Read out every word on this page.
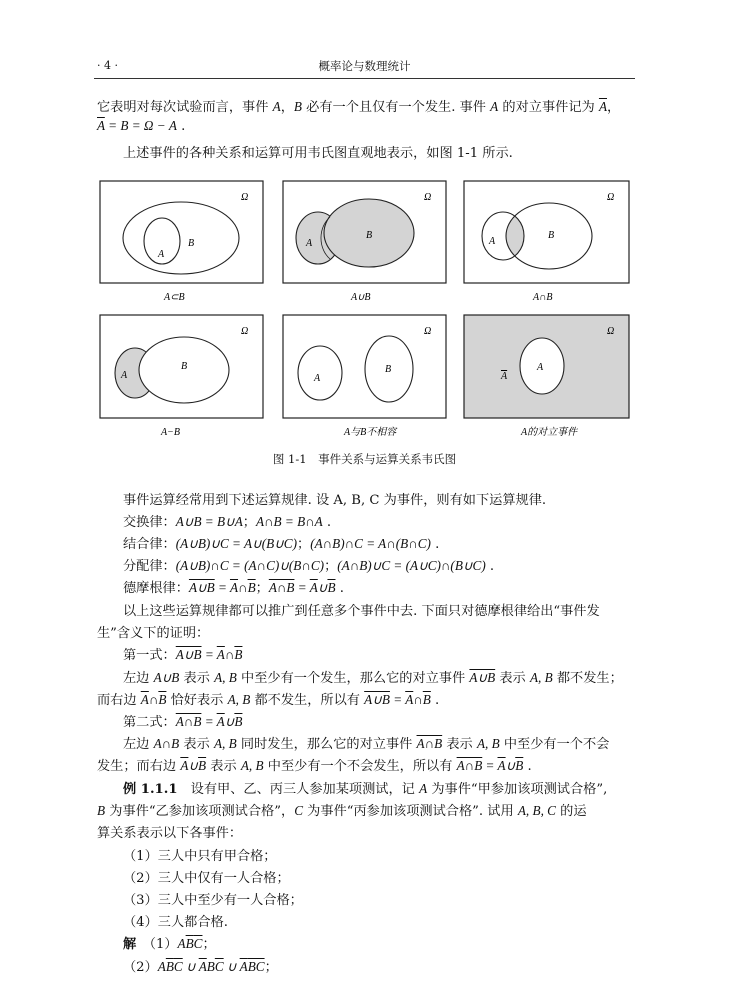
· 4 ·	概率论与数理统计
它表明对每次试验而言，事件 A，B 必有一个且仅有一个发生. 事件 A 的对立事件记为 $\overline{A}$，
$\overline{A} = B = \Omega - A$ .
上述事件的各种关系和运算可用韦氏图直观地表示，如图 1-1 所示.
Ω
A
B
A⊂B
Ω
A
B
A∪B
Ω
A
B
A∩B
Ω
A
B
A−B
Ω
A
B
A与B不相容
Ω
A
A
A的对立事件
图 1-1　事件关系与运算关系韦氏图
事件运算经常用到下述运算规律. 设 A, B, C 为事件，则有如下运算规律.
交换律：A∪B = B∪A；A∩B = B∩A .
结合律：(A∪B)∪C = A∪(B∪C)；(A∩B)∩C = A∩(B∩C) .
分配律：(A∪B)∩C = (A∩C)∪(B∩C)；(A∩B)∪C = (A∪C)∩(B∪C) .
德摩根律：A∪B = $\overline{A}\cap\overline{B}$；A∩B = $\overline{A}\cup\overline{B}$ .
以上这些运算规律都可以推广到任意多个事件中去. 下面只对德摩根律给出“事件发
生”含义下的证明：
第一式：A∪B = $\overline{A}\cap\overline{B}$
左边 A∪B 表示 A, B 中至少有一个发生，那么它的对立事件 A∪B 表示 A, B 都不发生；
而右边 $\overline{A}\cap\overline{B}$ 恰好表示 A, B 都不发生，所以有 A∪B = $\overline{A}\cap\overline{B}$ .
第二式：A∩B = $\overline{A}\cup\overline{B}$
左边 A∩B 表示 A, B 同时发生，那么它的对立事件 A∩B 表示 A, B 中至少有一个不会
发生；而右边 $\overline{A}\cup\overline{B}$ 表示 A, B 中至少有一个不会发生，所以有 A∩B = $\overline{A}\cup\overline{B}$ .
例 1.1.1　设有甲、乙、丙三人参加某项测试，记 A 为事件“甲参加该项测试合格”,
B 为事件“乙参加该项测试合格”，C 为事件“丙参加该项测试合格”. 试用 A, B, C 的运
算关系表示以下各事件：
（1）三人中只有甲合格；
（2）三人中仅有一人合格；
（3）三人中至少有一人合格；
（4）三人都合格.
解　$(1)A\overline{B}\overline{C}$；
$(2)A\overline{B}\overline{C}$ ∪ $\overline{A}B\overline{C}$ ∪ $\overline{A}\overline{BC}$；
